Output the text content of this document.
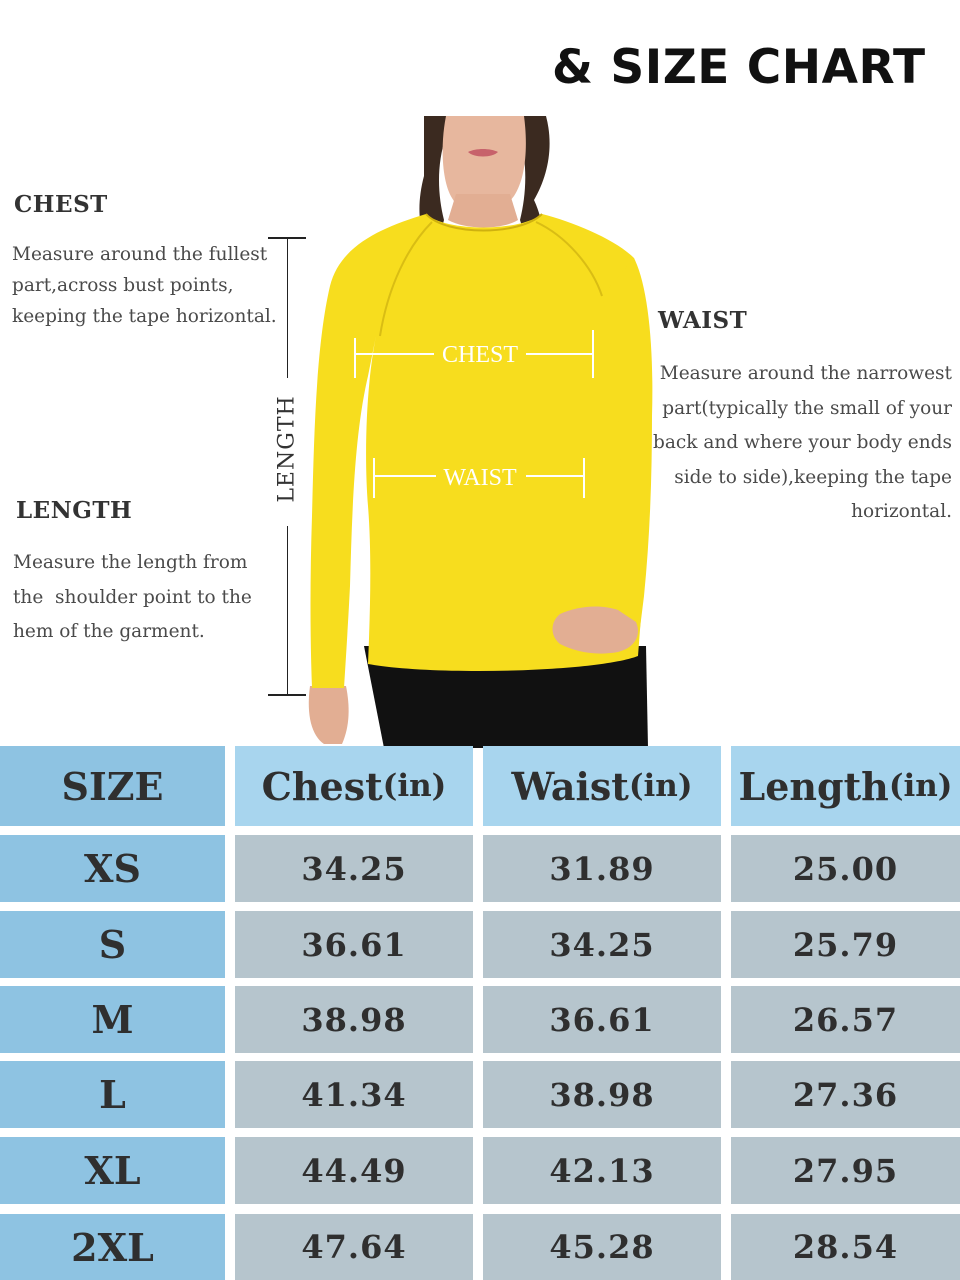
& SIZE CHART
CHEST
Measure around the fullest
part,across bust points,
keeping the tape horizontal.
LENGTH
Measure the length from
the  shoulder point to the
hem of the garment.
WAIST
Measure around the narrowest
part(typically the small of your
back and where your body ends
side to side),keeping the tape
horizontal.
LENGTH
CHEST
WAIST
SIZE	Chest (in) Waist (in) Length (in)
XS	34.25	31.89	25.00
S	36.61	34.25	25.79
M	38.98	36.61	26.57
L	41.34	38.98	27.36
XL	44.49	42.13	27.95
2XL	47.64	45.28	28.54
